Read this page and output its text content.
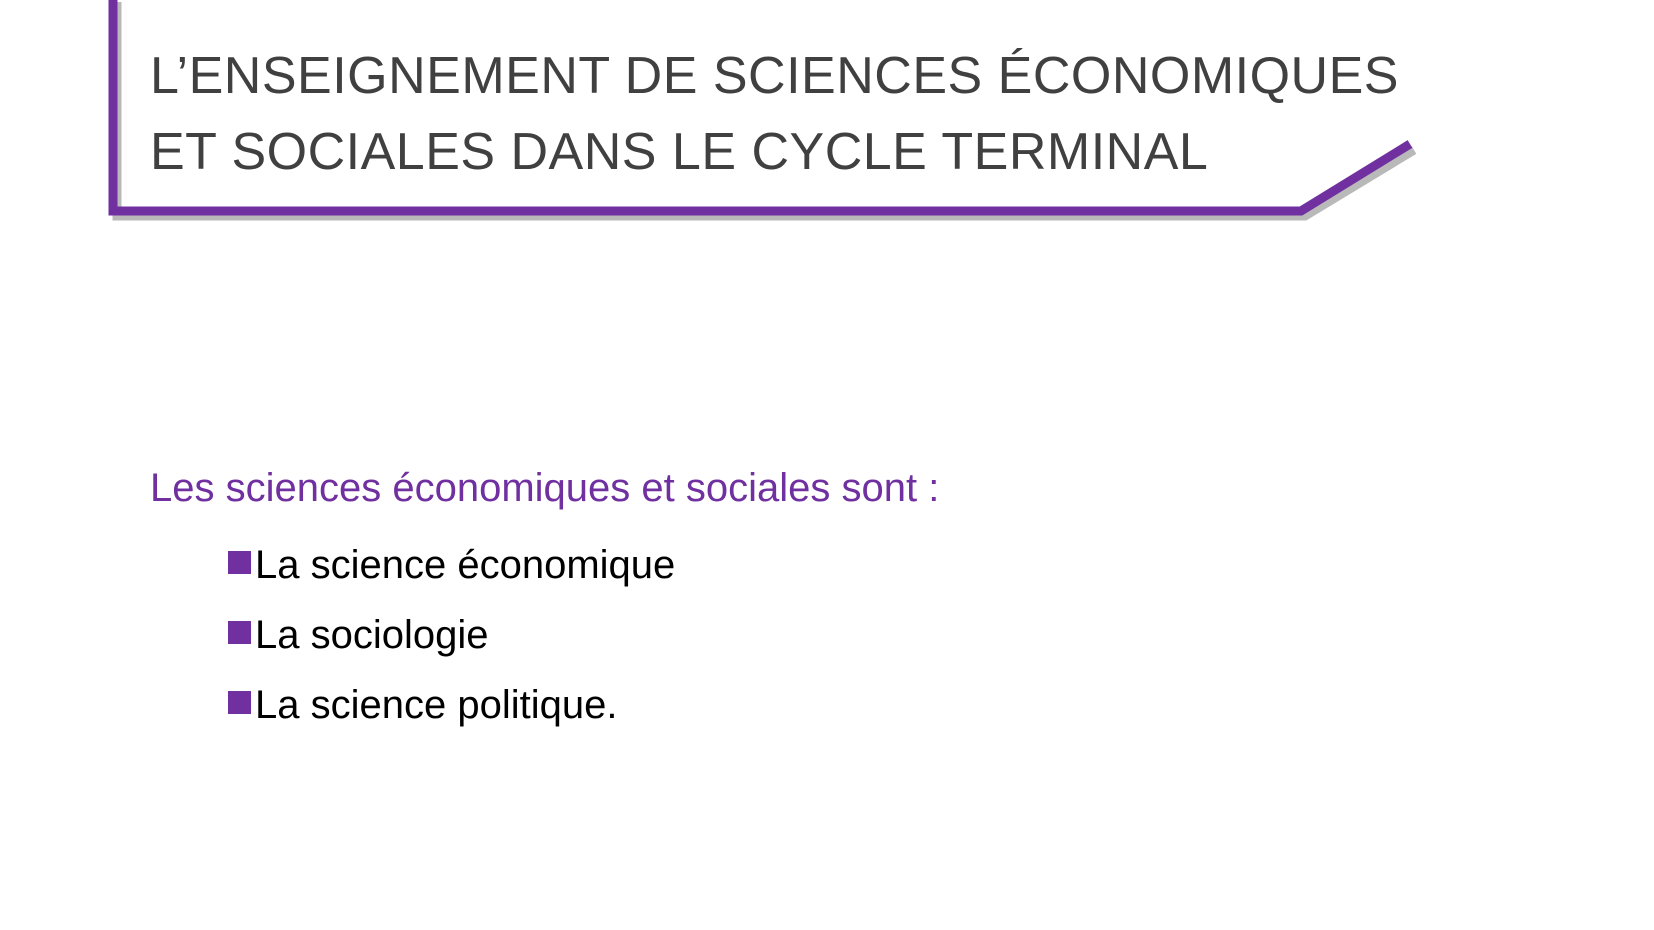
L’ENSEIGNEMENT DE SCIENCES ÉCONOMIQUES
ET SOCIALES DANS LE CYCLE TERMINAL

Les sciences économiques et sociales sont :

La science économique
La sociologie
La science politique.
